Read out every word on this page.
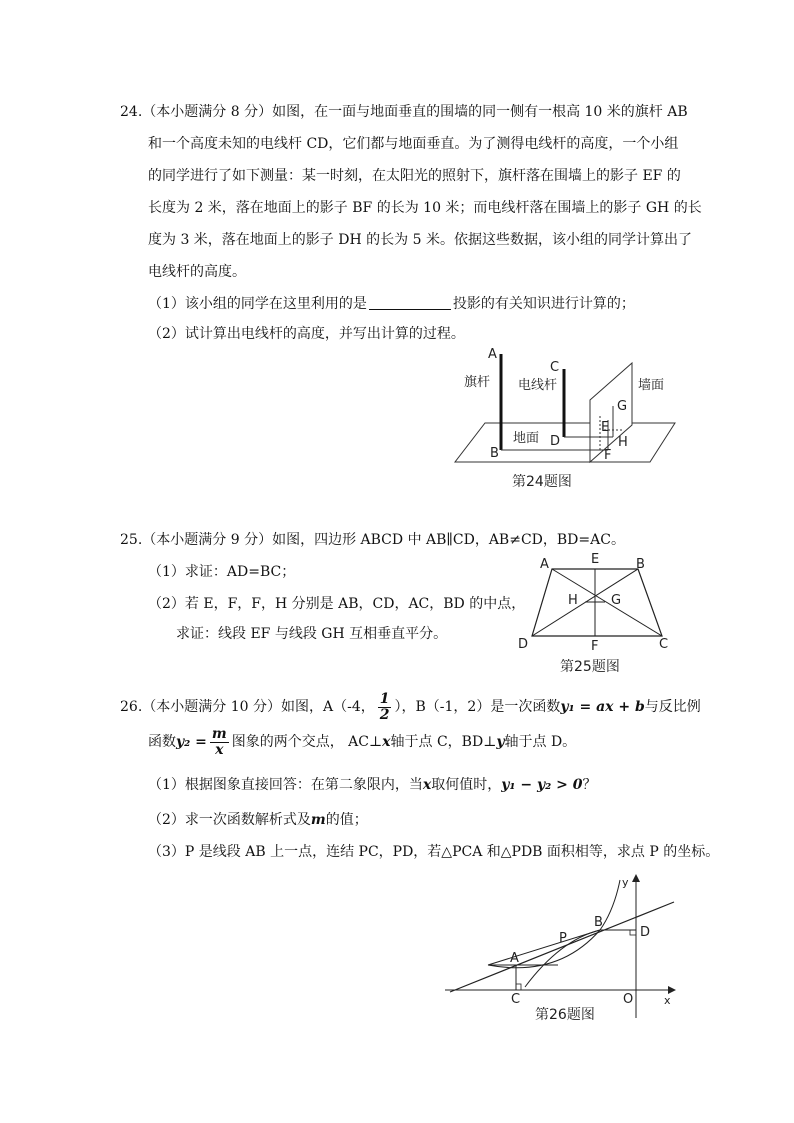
24.（本小题满分 8 分）如图，在一面与地面垂直的围墙的同一侧有一根高 10 米的旗杆 AB
和一个高度未知的电线杆 CD，它们都与地面垂直。为了测得电线杆的高度，一个小组
的同学进行了如下测量：某一时刻，在太阳光的照射下，旗杆落在围墙上的影子 EF 的
长度为 2 米，落在地面上的影子 BF 的长为 10 米；而电线杆落在围墙上的影子 GH 的长
度为 3 米，落在地面上的影子 DH 的长为 5 米。依据这些数据，该小组的同学计算出了
电线杆的高度。
（1）该小组的同学在这里利用的是	投影的有关知识进行计算的；
（2）试计算出电线杆的高度，并写出计算的过程。
A
B
C
D
E
F
G
H
旗杆 电线杆	墙面
地面
第24题图
25.（本小题满分 9 分）如图，四边形 ABCD 中 AB∥CD，AB≠CD，BD=AC。
（1）求证：AD=BC；
（2）若 E，F，F，H 分别是 AB，CD，AC，BD 的中点，
求证：线段 EF 与线段 GH 互相垂直平分。
A	E	B
H	G
D	F	C
第25题图
26.（本小题满分 10 分）如图，A（-4， $\frac{1}{2}$ ），B（-1，2）是一次函数y₁ = ax + b与反比例
函数$y_2 = \frac{m}{x}$ 图象的两个交点， AC⊥x轴于点 C，BD⊥y轴于点 D。
（1）根据图象直接回答：在第二象限内，当x取何值时，y₁ − y₂ > 0？
（2）求一次函数解析式及m的值；
（3）P 是线段 AB 上一点，连结 PC，PD，若△PCA 和△PDB 面积相等，求点 P 的坐标。
A
B
P
C
D
O	x
y
第26题图
